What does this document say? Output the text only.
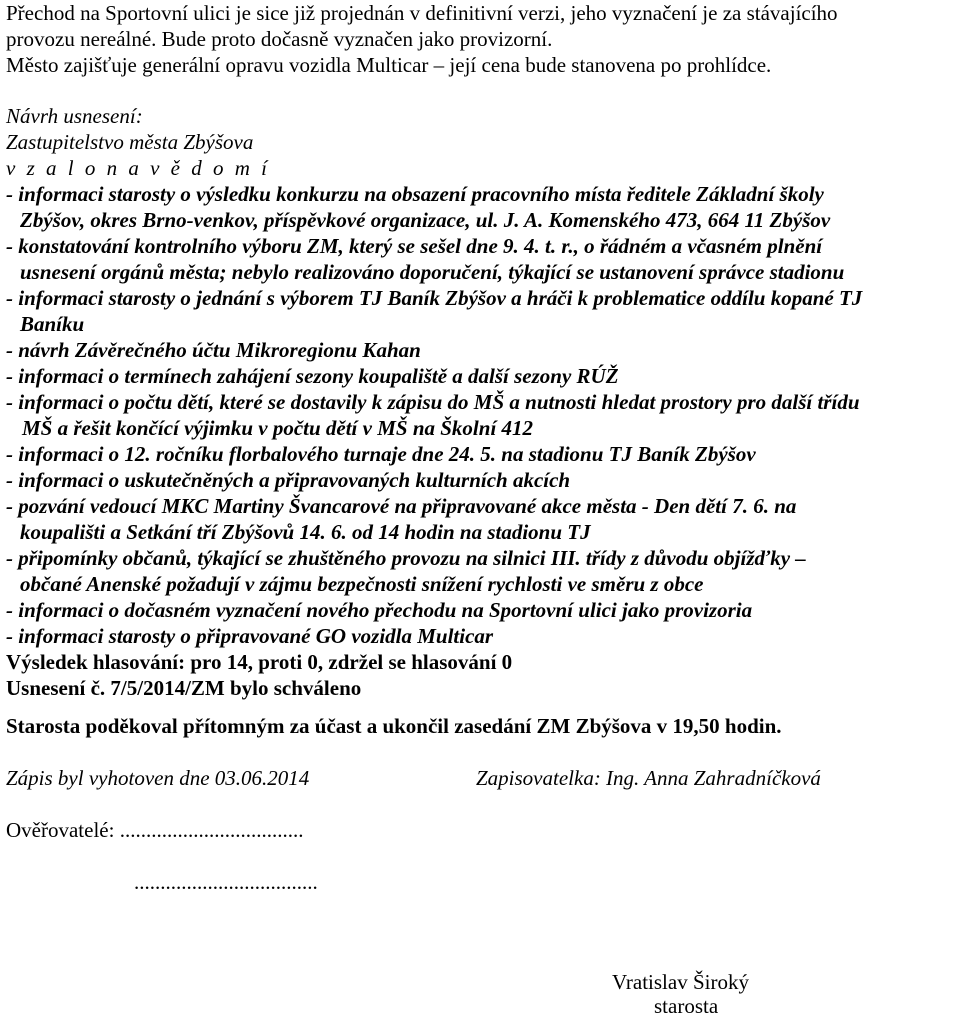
Přechod na Sportovní ulici je sice již projednán v definitivní verzi, jeho vyznačení je za stávajícího
provozu nereálné. Bude proto dočasně vyznačen jako provizorní.
Město zajišťuje generální opravu vozidla Multicar – její cena bude stanovena po prohlídce.
Návrh usnesení:
Zastupitelstvo města Zbýšova
v z a l o n a v ě d o m í
- informaci starosty o výsledku konkurzu na obsazení pracovního místa ředitele Základní školy
Zbýšov, okres Brno-venkov, příspěvkové organizace, ul. J. A. Komenského 473, 664 11 Zbýšov
- konstatování kontrolního výboru ZM, který se sešel dne 9. 4. t. r., o řádném a včasném plnění
usnesení orgánů města; nebylo realizováno doporučení, týkající se ustanovení správce stadionu
- informaci starosty o jednání s výborem TJ Baník Zbýšov a hráči k problematice oddílu kopané TJ
Baníku
- návrh Závěrečného účtu Mikroregionu Kahan
- informaci o termínech zahájení sezony koupaliště a další sezony RÚŽ
- informaci o počtu dětí, které se dostavily k zápisu do MŠ a nutnosti hledat prostory pro další třídu
MŠ a řešit končící výjimku v počtu dětí v MŠ na Školní 412
- informaci o 12. ročníku florbalového turnaje dne 24. 5. na stadionu TJ Baník Zbýšov
- informaci o uskutečněných a připravovaných kulturních akcích
- pozvání vedoucí MKC Martiny Švancarové na připravované akce města - Den dětí 7. 6. na
koupališti a Setkání tří Zbýšovů 14. 6. od 14 hodin na stadionu TJ
- připomínky občanů, týkající se zhuštěného provozu na silnici III. třídy z důvodu objížďky –
občané Anenské požadují v zájmu bezpečnosti snížení rychlosti ve směru z obce
- informaci o dočasném vyznačení nového přechodu na Sportovní ulici jako provizoria
- informaci starosty o připravované GO vozidla Multicar
Výsledek hlasování: pro 14, proti 0, zdržel se hlasování 0
Usnesení č. 7/5/2014/ZM bylo schváleno
Starosta poděkoval přítomným za účast a ukončil zasedání ZM Zbýšova v 19,50 hodin.
Zápis byl vyhotoven dne 03.06.2014	Zapisovatelka: Ing. Anna Zahradníčková
Ověřovatelé: ...................................
...................................
Vratislav Široký
starosta
